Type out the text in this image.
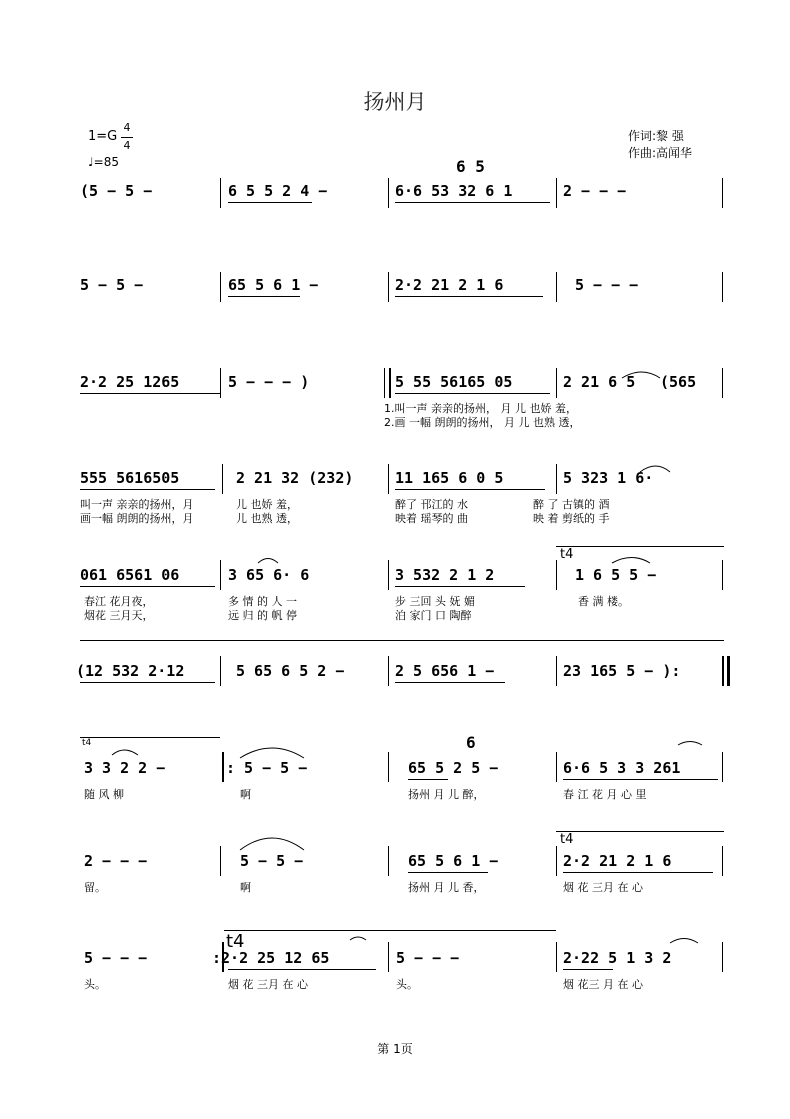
扬州月
1=G
4
4
♩=85
作词:黎 强
作曲:高闻华
6 5
(5 − 5 −	6 5 5 2 4 −	6·6 53 32 6 1	2 − − −
5 − 5 −	65 5 6 1 −	2·2 21 2 1 6	5 − − −
2·2 25 1265	5 − − − )	5 55 56165 05	2 21 6 5 (565
1.叫一声 亲亲的扬州， 月 儿 也娇 羞，
2.画 一幅 朗朗的扬州， 月 儿 也熟 透，
555 5616505	2 21 32 (232)	11 165 6 0 5	5 323 1 6·
叫一声 亲亲的扬州，月	儿 也娇 羞，	醉了 邗江的 水	醉 了 古镇的 酒
画一幅 朗朗的扬州，月	儿 也熟 透，	映着 瑶琴的 曲	映 着 剪纸的 手
t4
061 6561 06	3 65 6· 6	3 532 2 1 2	1 6 5 5 −
春江 花月夜，	多 情 的 人 一	步 三回 头 妩 媚	香 满 楼。
烟花 三月天，	远 归 的 帆 停	泊 家门 口 陶醉
(12 532 2·12	5 65 6 5 2 −	2 5 656 1 −	23 165 5 − ):
t4	6
3 3 2 2 −	: 5 − 5 −	65 5 2 5 −	6·6 5 3 3 261
随 风 柳	啊	扬州 月 儿 醉，	春 江 花 月 心 里
t4
2 − − −	5 − 5 −	65 5 6 1 −	2·2 21 2 1 6
留。	啊	扬州 月 儿 香，	烟 花 三月 在 心
t4
5 − − −	:2·2 25 12 65	5 − − −	2·22 5 1 3 2
头。	烟 花 三月 在 心	头。	烟 花三 月 在 心
第 1页
